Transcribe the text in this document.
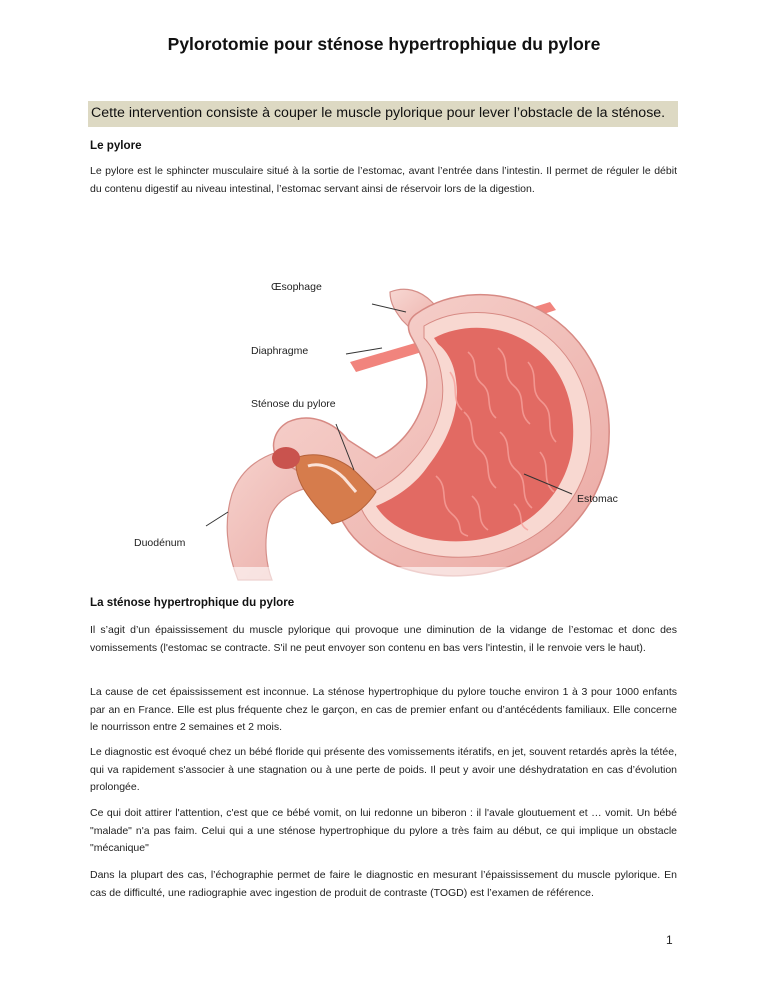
Pylorotomie pour sténose hypertrophique du pylore
Cette intervention consiste à couper le muscle pylorique pour lever l’obstacle de la sténose.
Le pylore
Le pylore est le sphincter musculaire situé à la sortie de l’estomac, avant l’entrée dans l’intestin. Il permet de réguler le débit du contenu digestif au niveau intestinal, l’estomac servant ainsi de réservoir lors de la digestion.
Œsophage
Diaphragme
Sténose du pylore
Estomac
Duodénum
La sténose hypertrophique du pylore
Il s’agit d’un épaississement du muscle pylorique qui provoque une diminution de la vidange de l’estomac et donc des vomissements (l'estomac se contracte. S'il ne peut envoyer son contenu en bas vers l'intestin, il le renvoie vers le haut).
La cause de cet épaississement est inconnue. La sténose hypertrophique du pylore touche environ 1 à 3 pour 1000 enfants par an en France. Elle est plus fréquente chez le garçon, en cas de premier enfant ou d’antécédents familiaux. Elle concerne le nourrisson entre 2 semaines et 2 mois.
Le diagnostic est évoqué chez un bébé floride qui présente des vomissements itératifs, en jet, souvent retardés après la tétée, qui va rapidement s'associer à une stagnation ou à une perte de poids. Il peut y avoir une déshydratation en cas d’évolution prolongée.
Ce qui doit attirer l'attention, c'est que ce bébé vomit, on lui redonne un biberon : il l'avale gloutuement et … vomit. Un bébé "malade" n'a pas faim. Celui qui a une sténose hypertrophique du pylore a très faim au début, ce qui implique un obstacle "mécanique"
Dans la plupart des cas, l’échographie permet de faire le diagnostic en mesurant l’épaississement du muscle pylorique. En cas de difficulté, une radiographie avec ingestion de produit de contraste (TOGD) est l’examen de référence.
1
